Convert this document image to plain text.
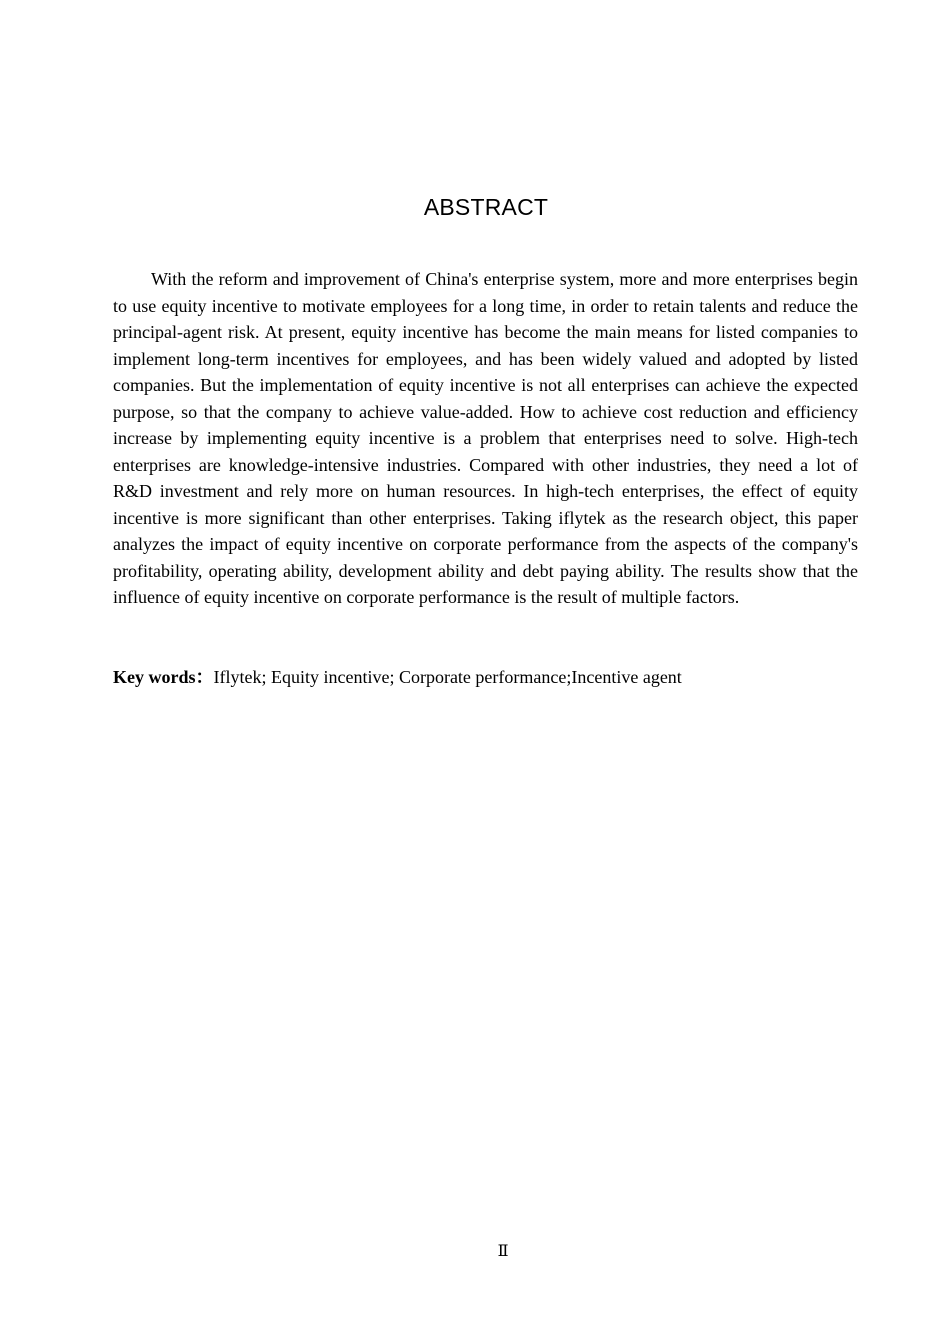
ABSTRACT

With the reform and improvement of China's enterprise system, more and more enterprises begin to use equity incentive to motivate employees for a long time, in order to retain talents and reduce the principal-agent risk. At present, equity incentive has become the main means for listed companies to implement long-term incentives for employees, and has been widely valued and adopted by listed companies. But the implementation of equity incentive is not all enterprises can achieve the expected purpose, so that the company to achieve value-added. How to achieve cost reduction and efficiency increase by implementing equity incentive is a problem that enterprises need to solve. High-tech enterprises are knowledge-intensive industries. Compared with other industries, they need a lot of R&D investment and rely more on human resources. In high-tech enterprises, the effect of equity incentive is more significant than other enterprises. Taking iflytek as the research object, this paper analyzes the impact of equity incentive on corporate performance from the aspects of the company's profitability, operating ability, development ability and debt paying ability. The results show that the influence of equity incentive on corporate performance is the result of multiple factors.

Key words：Iflytek; Equity incentive; Corporate performance;Incentive agent

Ⅱ
